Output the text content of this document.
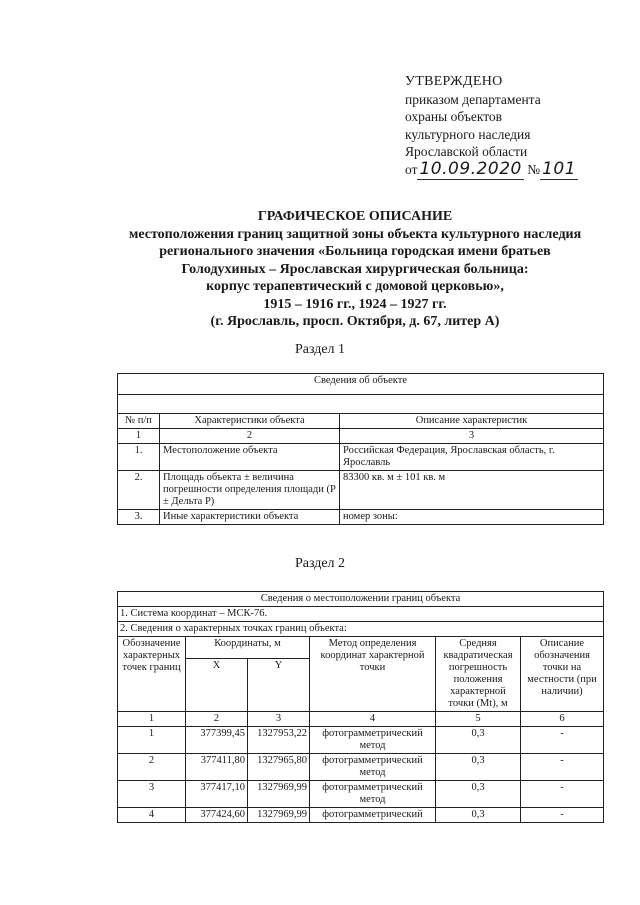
УТВЕРЖДЕНО
приказом департамента
охраны объектов
культурного наследия
Ярославской области
от 10.09.2020 № 101
ГРАФИЧЕСКОЕ ОПИСАНИЕ
местоположения границ защитной зоны объекта культурного наследия
регионального значения «Больница городская имени братьев
Голодухиных – Ярославская хирургическая больница:
корпус терапевтический с домовой церковью»,
1915 – 1916 гг., 1924 – 1927 гг.
(г. Ярославль, просп. Октября, д. 67, литер А)
Раздел 1
Сведения об объекте		

№ п/п	Характеристики объекта	Описание характеристик
1	2	3
1.	Местоположение объекта	Российская Федерация, Ярославская область, г. Ярославль
2.	Площадь объекта ± величина погрешности определения площади (P ± Дельта P)	83300 кв. м ± 101 кв. м
3.	Иные характеристики объекта	номер зоны:
Раздел 2
Сведения о местоположении границ объекта					
1. Система координат – МСК-76.					
2. Сведения о характерных точках границ объекта:					
Обозначение характерных точек границ	Координаты, м		Метод определения координат характерной точки	Средняя квадратическая погрешность положения характерной точки (Mt), м	Описание обозначения точки на местности (при наличии)
	X	Y			
1	2	3	4	5	6
1	377399,45	1327953,22	фотограмметрический метод	0,3	-
2	377411,80	1327965,80	фотограмметрический метод	0,3	-
3	377417,10	1327969,99	фотограмметрический метод	0,3	-
4	377424,60	1327969,99	фотограмметрический	0,3	-
